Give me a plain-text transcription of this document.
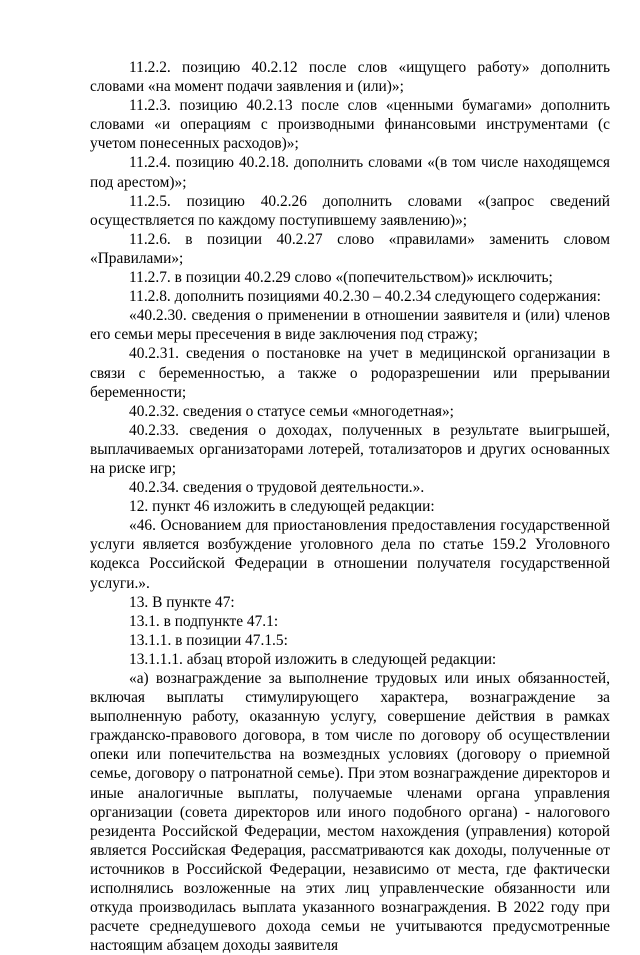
11.2.2. позицию 40.2.12 после слов «ищущего работу» дополнить словами «на момент подачи заявления и (или)»;

11.2.3. позицию 40.2.13 после слов «ценными бумагами» дополнить словами «и операциям с производными финансовыми инструментами (с учетом понесенных расходов)»;

11.2.4. позицию 40.2.18. дополнить словами «(в том числе находящемся под арестом)»;

11.2.5. позицию 40.2.26 дополнить словами «(запрос сведений осуществляется по каждому поступившему заявлению)»;

11.2.6. в позиции 40.2.27 слово «правилами» заменить словом «Правилами»;

11.2.7. в позиции 40.2.29 слово «(попечительством)» исключить;

11.2.8. дополнить позициями 40.2.30 – 40.2.34 следующего содержания:

«40.2.30. сведения о применении в отношении заявителя и (или) членов его семьи меры пресечения в виде заключения под стражу;

40.2.31. сведения о постановке на учет в медицинской организации в связи с беременностью, а также о родоразрешении или прерывании беременности;

40.2.32. сведения о статусе семьи «многодетная»;

40.2.33. сведения о доходах, полученных в результате выигрышей, выплачиваемых организаторами лотерей, тотализаторов и других основанных на риске игр;

40.2.34. сведения о трудовой деятельности.».

12. пункт 46 изложить в следующей редакции:

«46. Основанием для приостановления предоставления государственной услуги является возбуждение уголовного дела по статье 159.2 Уголовного кодекса Российской Федерации в отношении получателя государственной услуги.».

13. В пункте 47:

13.1. в подпункте 47.1:

13.1.1. в позиции 47.1.5:

13.1.1.1. абзац второй изложить в следующей редакции:

«а) вознаграждение за выполнение трудовых или иных обязанностей, включая выплаты стимулирующего характера, вознаграждение за выполненную работу, оказанную услугу, совершение действия в рамках гражданско-правового договора, в том числе по договору об осуществлении опеки или попечительства на возмездных условиях (договору о приемной семье, договору о патронатной семье). При этом вознаграждение директоров и иные аналогичные выплаты, получаемые членами органа управления организации (совета директоров или иного подобного органа) - налогового резидента Российской Федерации, местом нахождения (управления) которой является Российская Федерация, рассматриваются как доходы, полученные от источников в Российской Федерации, независимо от места, где фактически исполнялись возложенные на этих лиц управленческие обязанности или откуда производилась выплата указанного вознаграждения. В 2022 году при расчете среднедушевого дохода семьи не учитываются предусмотренные настоящим абзацем доходы заявителя
